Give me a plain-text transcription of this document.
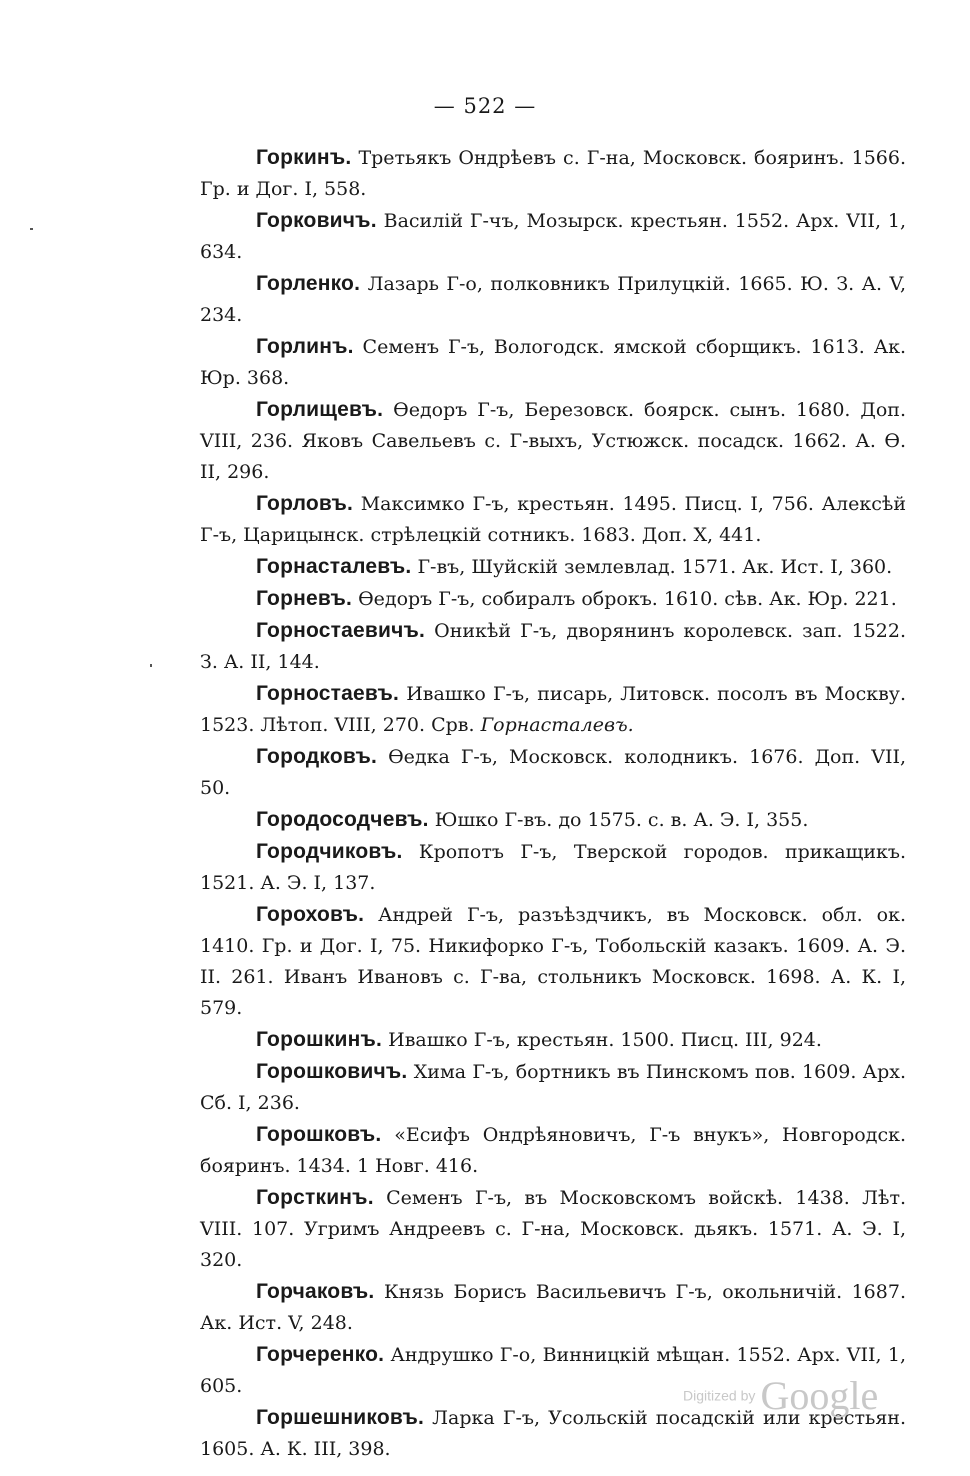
— 522 —

Горкинъ. Третьякъ Ондрѣевъ с. Г-на, Московск. бояринъ. 1566. Гр. и Дог. I, 558.

Горковичъ. Василій Г-чъ, Мозырск. крестьян. 1552. Арх. VII, 1, 634.

Горленко. Лазарь Г-о, полковникъ Прилуцкій. 1665. Ю. З. А. V, 234.

Горлинъ. Семенъ Г-ъ, Вологодск. ямской сборщикъ. 1613. Ак. Юр. 368.

Горлищевъ. Ѳедоръ Г-ъ, Березовск. боярск. сынъ. 1680. Доп. VIII, 236. Яковъ Савельевъ с. Г-выхъ, Устюжск. посадск. 1662. А. Ѳ. II, 296.

Горловъ. Максимко Г-ъ, крестьян. 1495. Писц. I, 756. Алексѣй Г-ъ, Царицынск. стрѣлецкій сотникъ. 1683. Доп. X, 441.

Горнасталевъ. Г-въ, Шуйскій землевлад. 1571. Ак. Ист. I, 360.

Горневъ. Ѳедоръ Г-ъ, собиралъ оброкъ. 1610. сѣв. Ак. Юр. 221.

Горностаевичъ. Оникѣй Г-ъ, дворянинъ королевск. зап. 1522. З. А. II, 144.

Горностаевъ. Ивашко Г-ъ, писарь, Литовск. посолъ въ Москву. 1523. Лѣтоп. VIII, 270. Срв. Горнасталевъ.

Городковъ. Ѳедка Г-ъ, Московск. колодникъ. 1676. Доп. VII, 50.

Городосодчевъ. Юшко Г-въ. до 1575. с. в. А. Э. I, 355.

Городчиковъ. Кропотъ Г-ъ, Тверской городов. прикащикъ. 1521. А. Э. I, 137.

Гороховъ. Андрей Г-ъ, разъѣздчикъ, въ Московск. обл. ок. 1410. Гр. и Дог. I, 75. Никифорко Г-ъ, Тобольскій казакъ. 1609. А. Э. II. 261. Иванъ Ивановъ с. Г-ва, стольникъ Московск. 1698. А. К. I, 579.

Горошкинъ. Ивашко Г-ъ, крестьян. 1500. Писц. III, 924.

Горошковичъ. Хима Г-ъ, бортникъ въ Пинскомъ пов. 1609. Арх. Сб. I, 236.

Горошковъ. «Есифъ Ондрѣяновичъ, Г-ъ внукъ», Новгородск. бояринъ. 1434. 1 Новг. 416.

Горсткинъ. Семенъ Г-ъ, въ Московскомъ войскѣ. 1438. Лѣт. VIII. 107. Угримъ Андреевъ с. Г-на, Московск. дьякъ. 1571. А. Э. I, 320.

Горчаковъ. Князь Борисъ Васильевичъ Г-ъ, окольничій. 1687. Ак. Ист. V, 248.

Горчеренко. Андрушко Г-о, Винницкій мѣщан. 1552. Арх. VII, 1, 605.

Горшешниковъ. Ларка Г-ъ, Усольскій посадскій или крестьян. 1605. А. К. III, 398.

Digitized by Google
